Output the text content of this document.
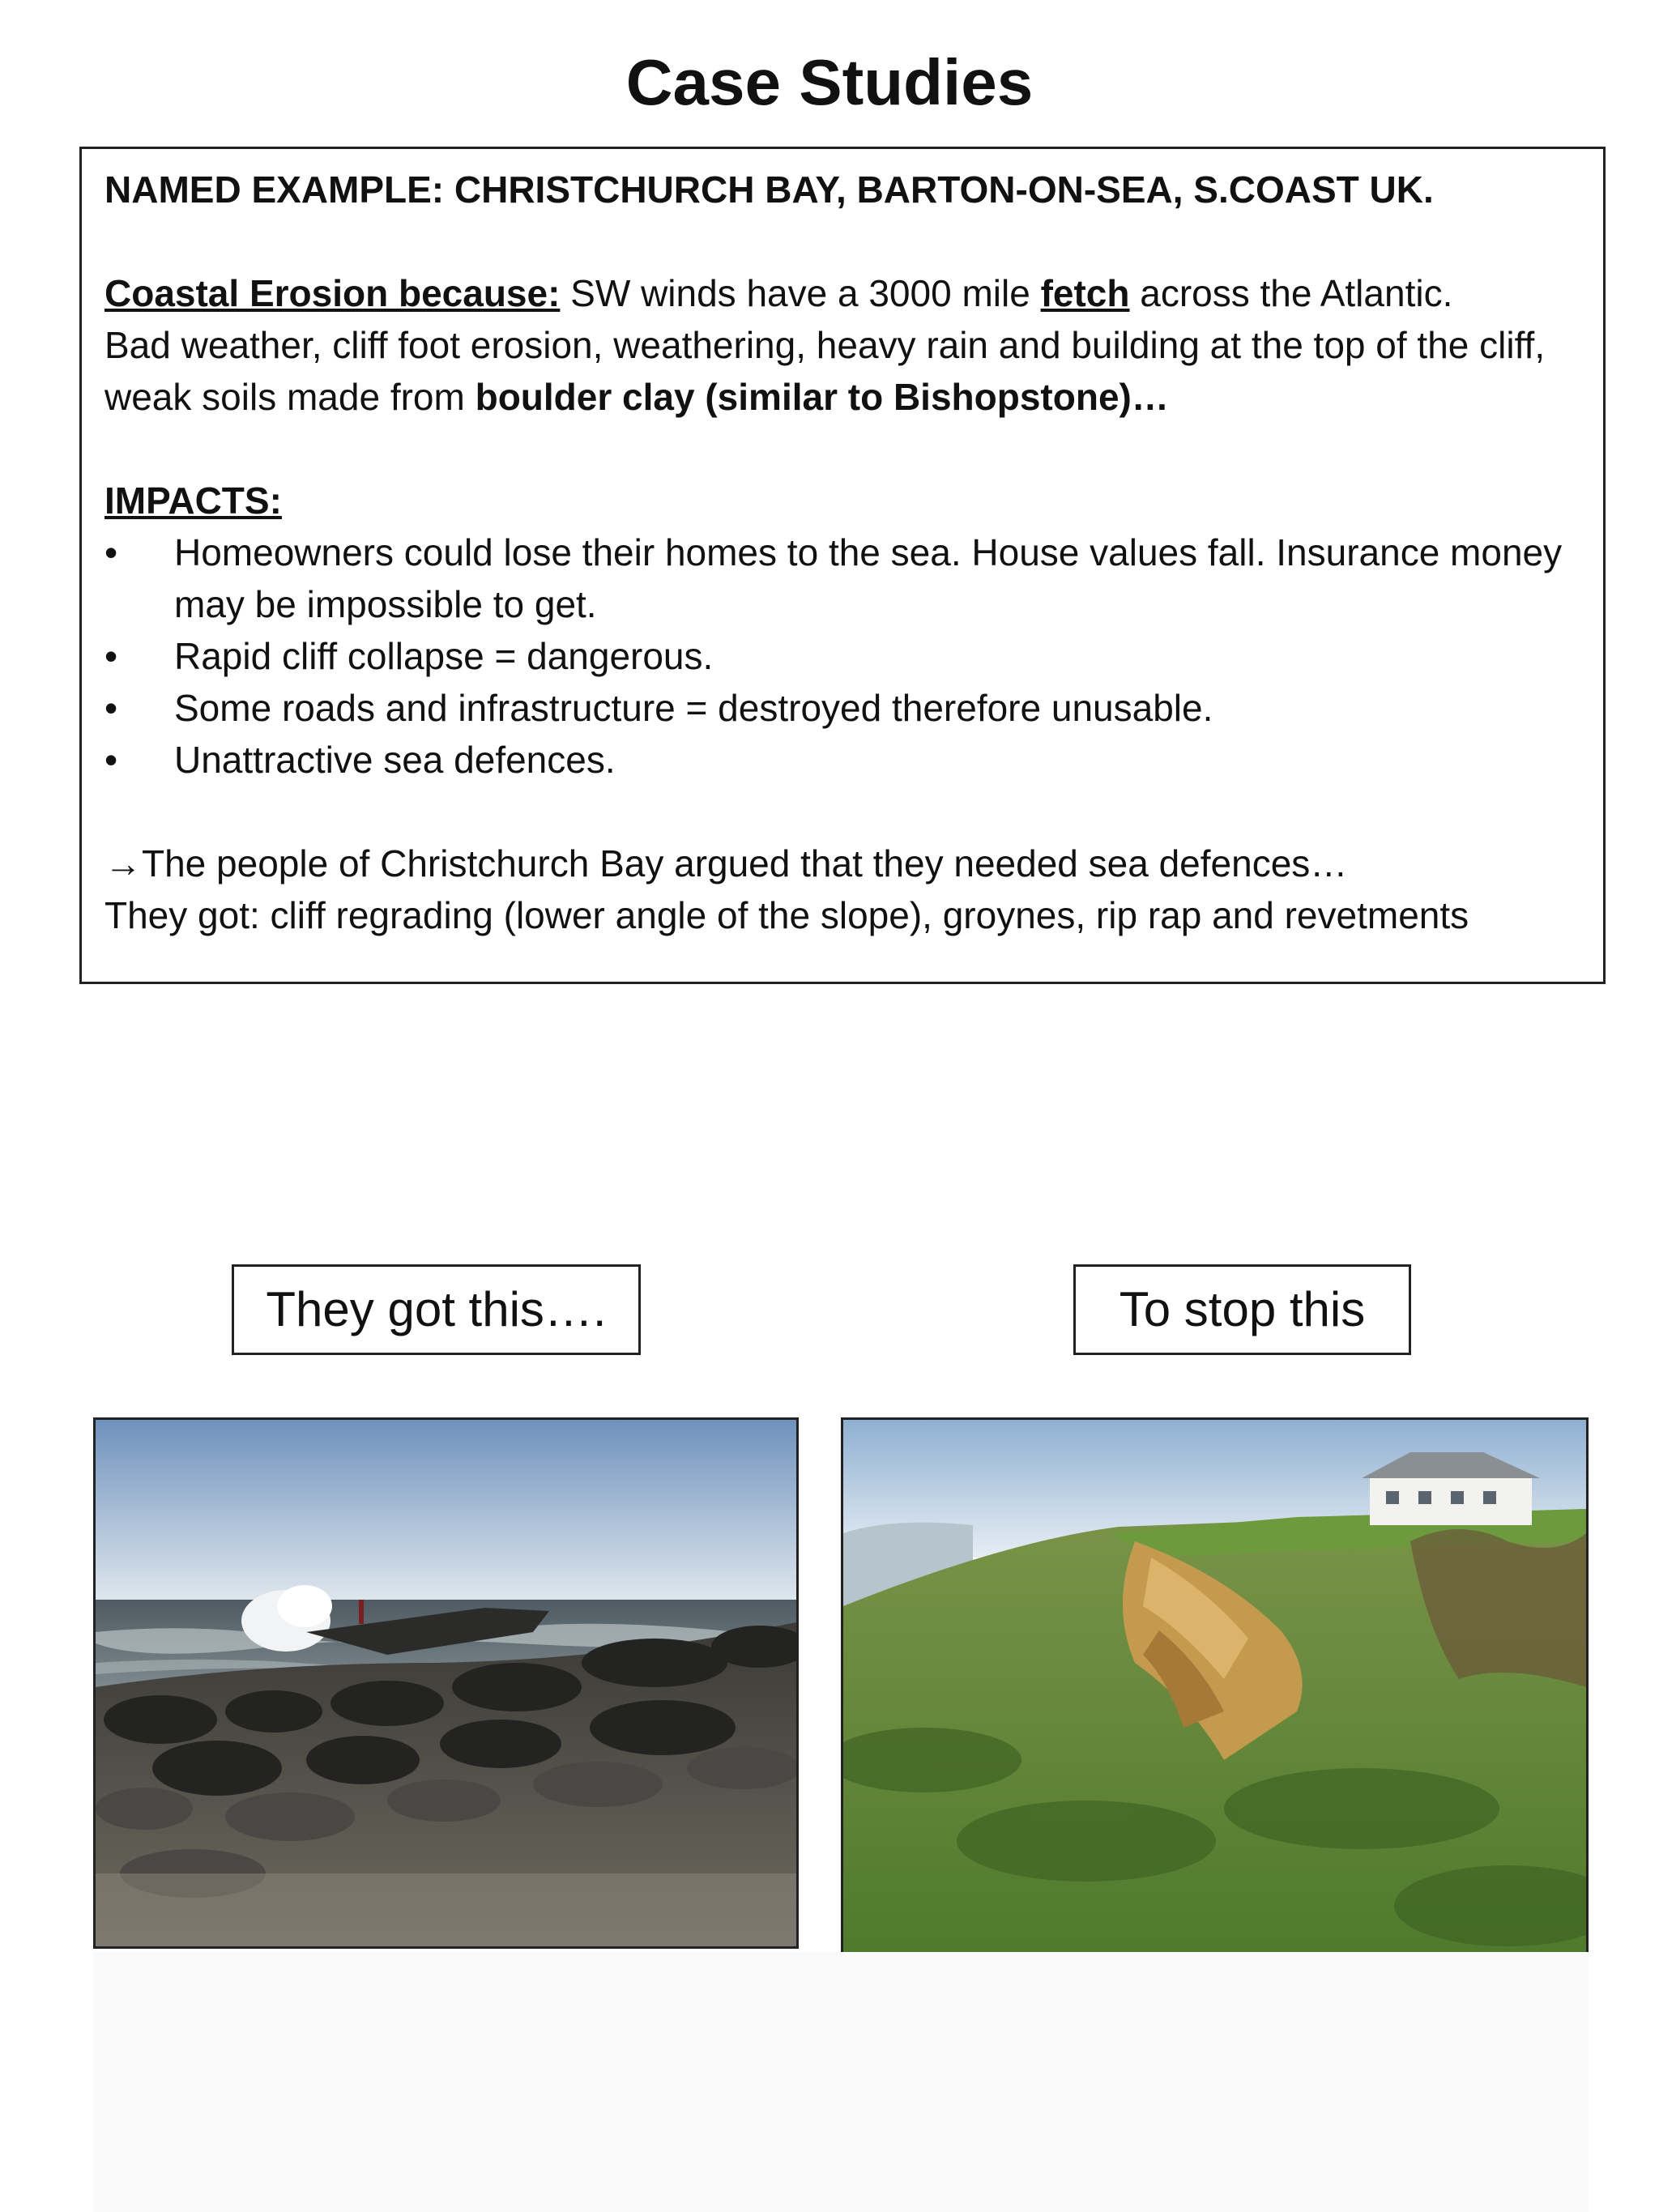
Case Studies

NAMED EXAMPLE: CHRISTCHURCH BAY, BARTON-ON-SEA, S.COAST UK.

Coastal Erosion because: SW winds have a 3000 mile fetch across the Atlantic.

Bad weather, cliff foot erosion, weathering, heavy rain and building at the top of the cliff, weak soils made from boulder clay (similar to Bishopstone)…

IMPACTS:

•	Homeowners could lose their homes to the sea. House values fall. Insurance money may be impossible to get.
•	Rapid cliff collapse = dangerous.
•	Some roads and infrastructure = destroyed therefore unusable.
•	Unattractive sea defences.

→The people of Christchurch Bay argued that they needed sea defences…

They got: cliff regrading (lower angle of the slope), groynes, rip rap and revetments

They got this….	To stop this
